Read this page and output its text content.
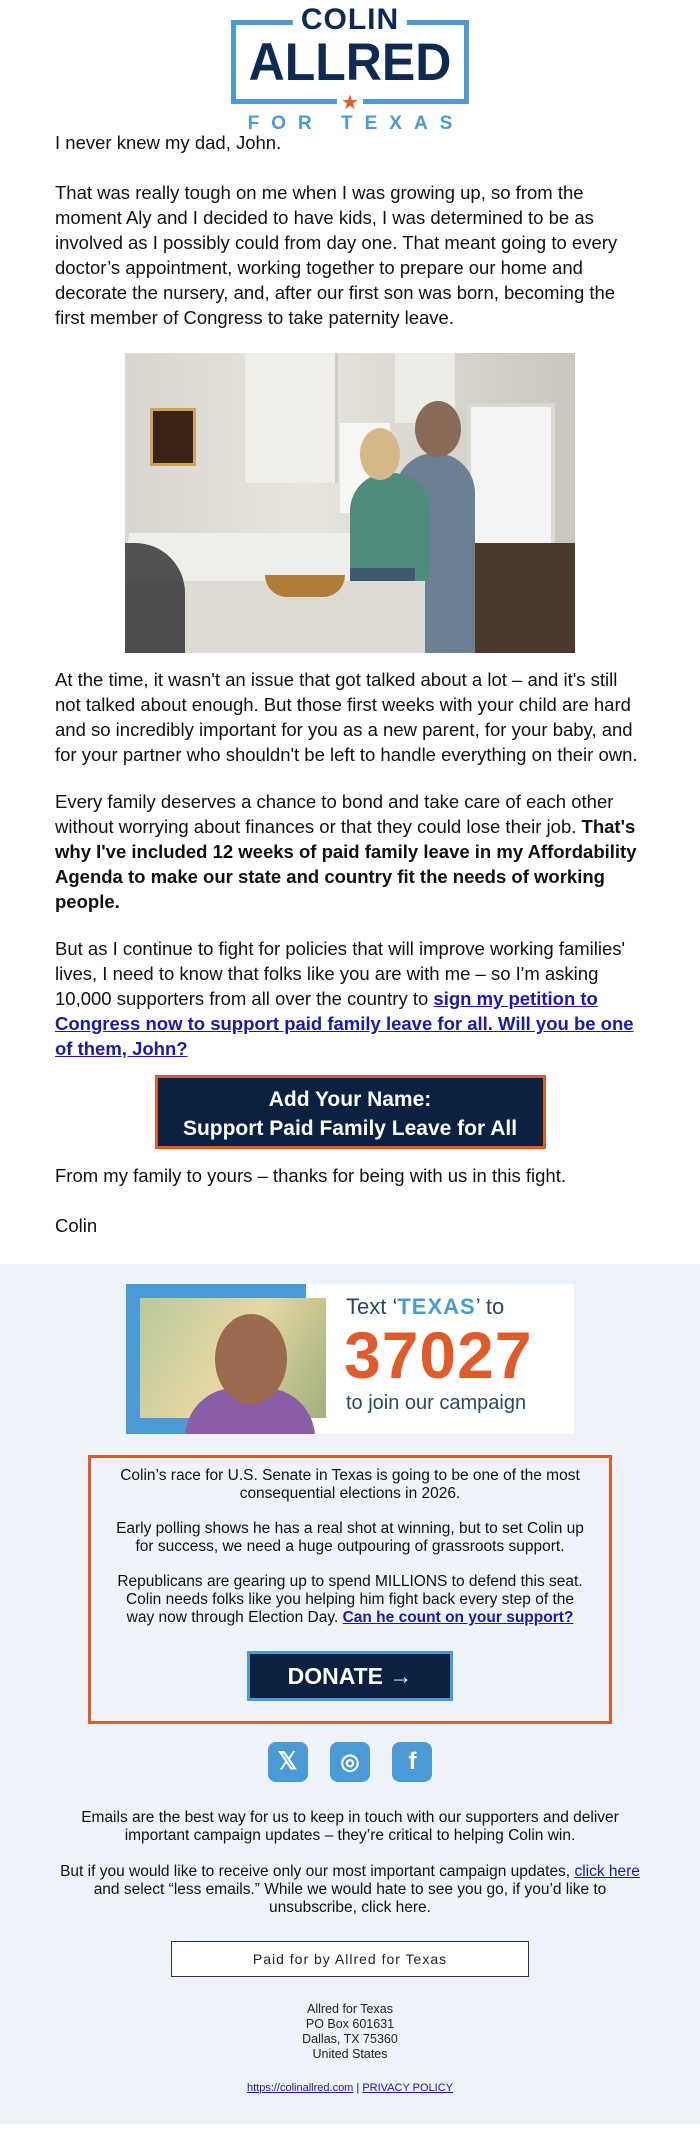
COLIN
ALLRED
★
FOR TEXAS

I never knew my dad, John.

That was really tough on me when I was growing up, so from the moment Aly and I decided to have kids, I was determined to be as involved as I possibly could from day one. That meant going to every doctor’s appointment, working together to prepare our home and decorate the nursery, and, after our first son was born, becoming the first member of Congress to take paternity leave.

At the time, it wasn't an issue that got talked about a lot – and it's still not talked about enough. But those first weeks with your child are hard and so incredibly important for you as a new parent, for your baby, and for your partner who shouldn't be left to handle everything on their own.

Every family deserves a chance to bond and take care of each other without worrying about finances or that they could lose their job. That's why I've included 12 weeks of paid family leave in my Affordability Agenda to make our state and country fit the needs of working people.

But as I continue to fight for policies that will improve working families' lives, I need to know that folks like you are with me – so I'm asking 10,000 supporters from all over the country to sign my petition to Congress now to support paid family leave for all. Will you be one of them, John?

Add Your Name:
Support Paid Family Leave for All

From my family to yours – thanks for being with us in this fight.

Colin

Text ‘TEXAS’ to
37027
to join our campaign

Colin’s race for U.S. Senate in Texas is going to be one of the most consequential elections in 2026.

Early polling shows he has a real shot at winning, but to set Colin up for success, we need a huge outpouring of grassroots support.

Republicans are gearing up to spend MILLIONS to defend this seat. Colin needs folks like you helping him fight back every step of the way now through Election Day. Can he count on your support?

DONATE →
𝕏 ◎ f

Emails are the best way for us to keep in touch with our supporters and deliver important campaign updates – they’re critical to helping Colin win.

But if you would like to receive only our most important campaign updates, click here and select “less emails.” While we would hate to see you go, if you’d like to unsubscribe, click here.

Paid for by Allred for Texas
Allred for Texas
PO Box 601631
Dallas, TX 75360
United States
https://colinallred.com | PRIVACY POLICY
